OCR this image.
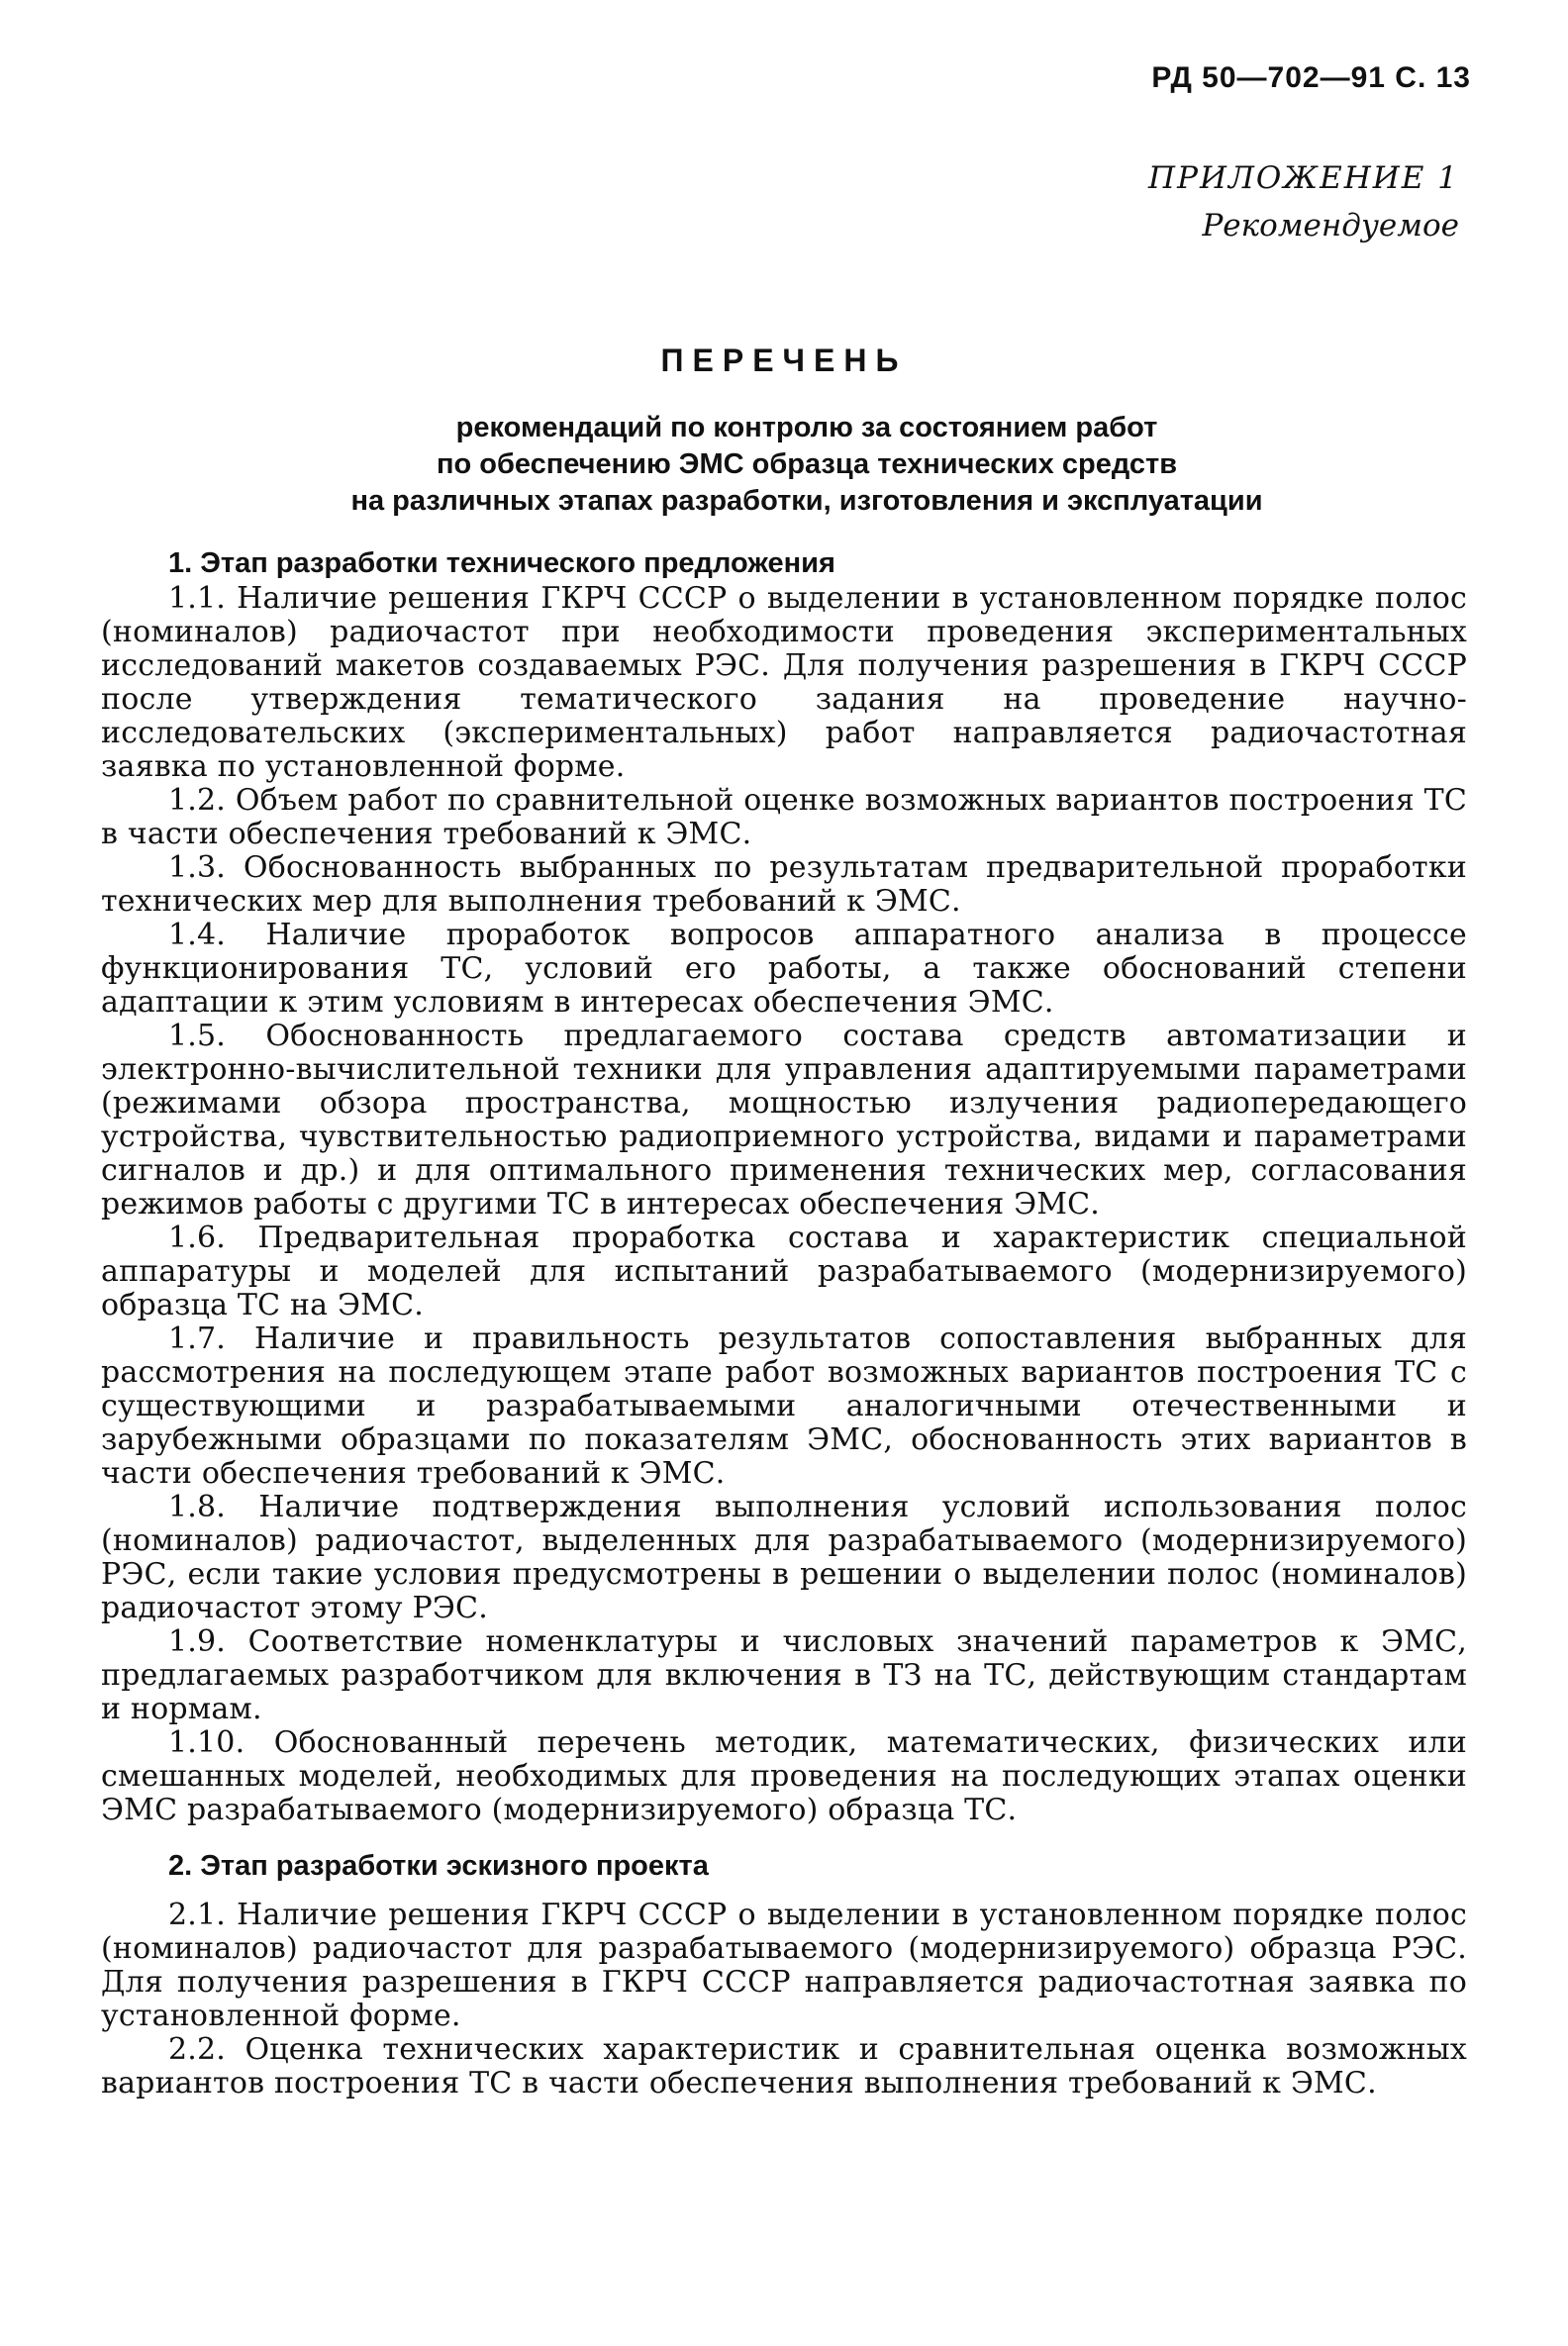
РД 50—702—91 С. 13
ПРИЛОЖЕНИЕ 1
Рекомендуемое
ПЕРЕЧЕНЬ
рекомендаций по контролю за состоянием работ
по обеспечению ЭМС образца технических средств
на различных этапах разработки, изготовления и эксплуатации
1. Этап разработки технического предложения

1.1. Наличие решения ГКРЧ СССР о выделении в установленном порядке полос (номиналов) радиочастот при необходимости проведения экспериментальных исследований макетов создаваемых РЭС. Для получения разрешения в ГКРЧ СССР после утверждения тематического задания на проведение научно-исследовательских (экспериментальных) работ направляется радиочастотная заявка по установленной форме.

1.2. Объем работ по сравнительной оценке возможных вариантов построения ТС в части обеспечения требований к ЭМС.

1.3. Обоснованность выбранных по результатам предварительной проработки технических мер для выполнения требований к ЭМС.

1.4. Наличие проработок вопросов аппаратного анализа в процессе функционирования ТС, условий его работы, а также обоснований степени адаптации к этим условиям в интересах обеспечения ЭМС.

1.5. Обоснованность предлагаемого состава средств автоматизации и электронно-вычислительной техники для управления адаптируемыми параметрами (режимами обзора пространства, мощностью излучения радиопередающего устройства, чувствительностью радиоприемного устройства, видами и параметрами сигналов и др.) и для оптимального применения технических мер, согласования режимов работы с другими ТС в интересах обеспечения ЭМС.

1.6. Предварительная проработка состава и характеристик специальной аппаратуры и моделей для испытаний разрабатываемого (модернизируемого) образца ТС на ЭМС.

1.7. Наличие и правильность результатов сопоставления выбранных для рассмотрения на последующем этапе работ возможных вариантов построения ТС с существующими и разрабатываемыми аналогичными отечественными и зарубежными образцами по показателям ЭМС, обоснованность этих вариантов в части обеспечения требований к ЭМС.

1.8. Наличие подтверждения выполнения условий использования полос (номиналов) радиочастот, выделенных для разрабатываемого (модернизируемого) РЭС, если такие условия предусмотрены в решении о выделении полос (номиналов) радиочастот этому РЭС.

1.9. Соответствие номенклатуры и числовых значений параметров к ЭМС, предлагаемых разработчиком для включения в ТЗ на ТС, действующим стандартам и нормам.

1.10. Обоснованный перечень методик, математических, физических или смешанных моделей, необходимых для проведения на последующих этапах оценки ЭМС разрабатываемого (модернизируемого) образца ТС.

2. Этап разработки эскизного проекта

2.1. Наличие решения ГКРЧ СССР о выделении в установленном порядке полос (номиналов) радиочастот для разрабатываемого (модернизируемого) образца РЭС. Для получения разрешения в ГКРЧ СССР направляется радиочастотная заявка по установленной форме.

2.2. Оценка технических характеристик и сравнительная оценка возможных вариантов построения ТС в части обеспечения выполнения требований к ЭМС.
